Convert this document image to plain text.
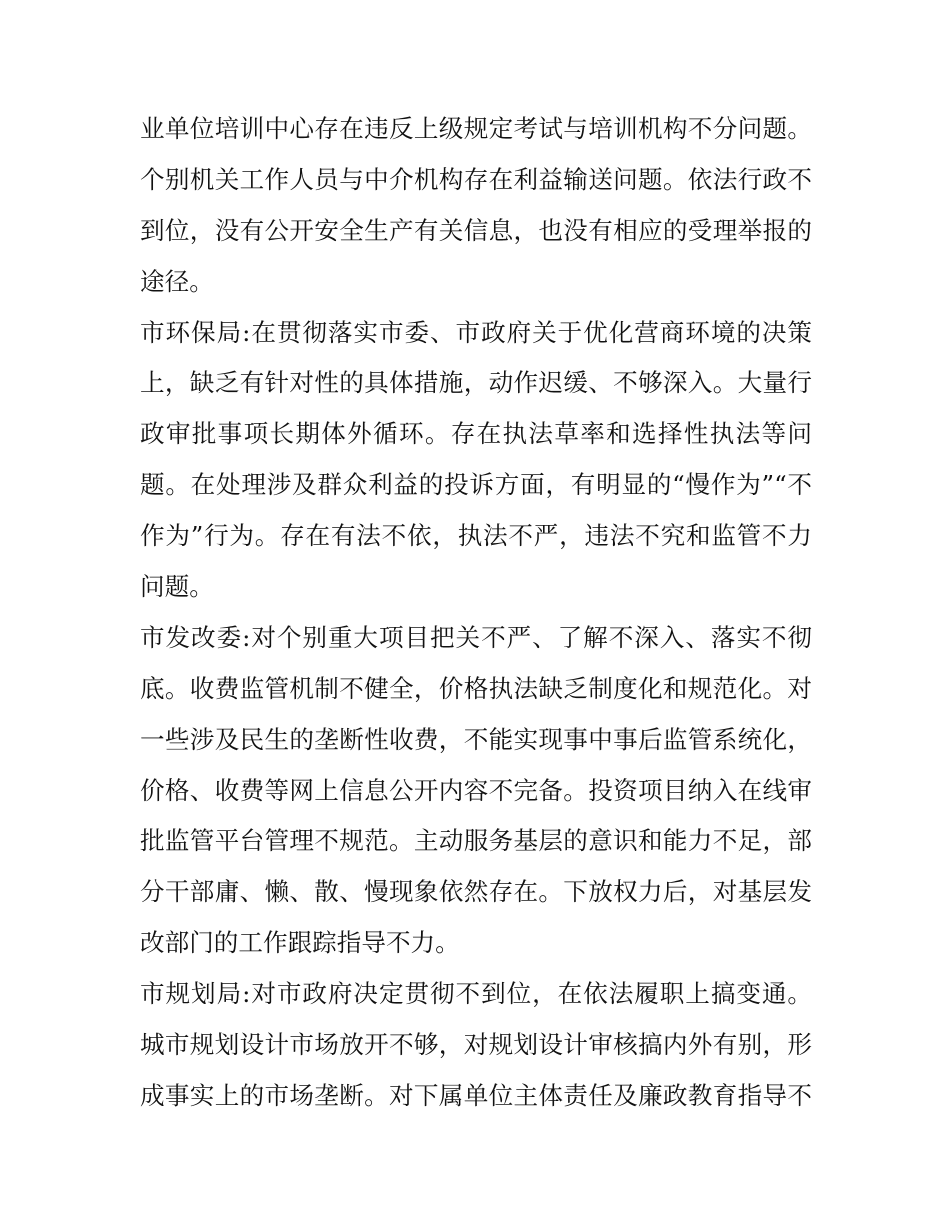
业单位培训中心存在违反上级规定考试与培训机构不分问题。
个别机关工作人员与中介机构存在利益输送问题。依法行政不
到位，没有公开安全生产有关信息，也没有相应的受理举报的
途径。
市环保局:在贯彻落实市委、市政府关于优化营商环境的决策
上，缺乏有针对性的具体措施，动作迟缓、不够深入。大量行
政审批事项长期体外循环。存在执法草率和选择性执法等问
题。在处理涉及群众利益的投诉方面，有明显的“慢作为”“不
作为”行为。存在有法不依，执法不严，违法不究和监管不力
问题。
市发改委:对个别重大项目把关不严、了解不深入、落实不彻
底。收费监管机制不健全，价格执法缺乏制度化和规范化。对
一些涉及民生的垄断性收费，不能实现事中事后监管系统化，
价格、收费等网上信息公开内容不完备。投资项目纳入在线审
批监管平台管理不规范。主动服务基层的意识和能力不足，部
分干部庸、懒、散、慢现象依然存在。下放权力后，对基层发
改部门的工作跟踪指导不力。
市规划局:对市政府决定贯彻不到位，在依法履职上搞变通。
城市规划设计市场放开不够，对规划设计审核搞内外有别，形
成事实上的市场垄断。对下属单位主体责任及廉政教育指导不
